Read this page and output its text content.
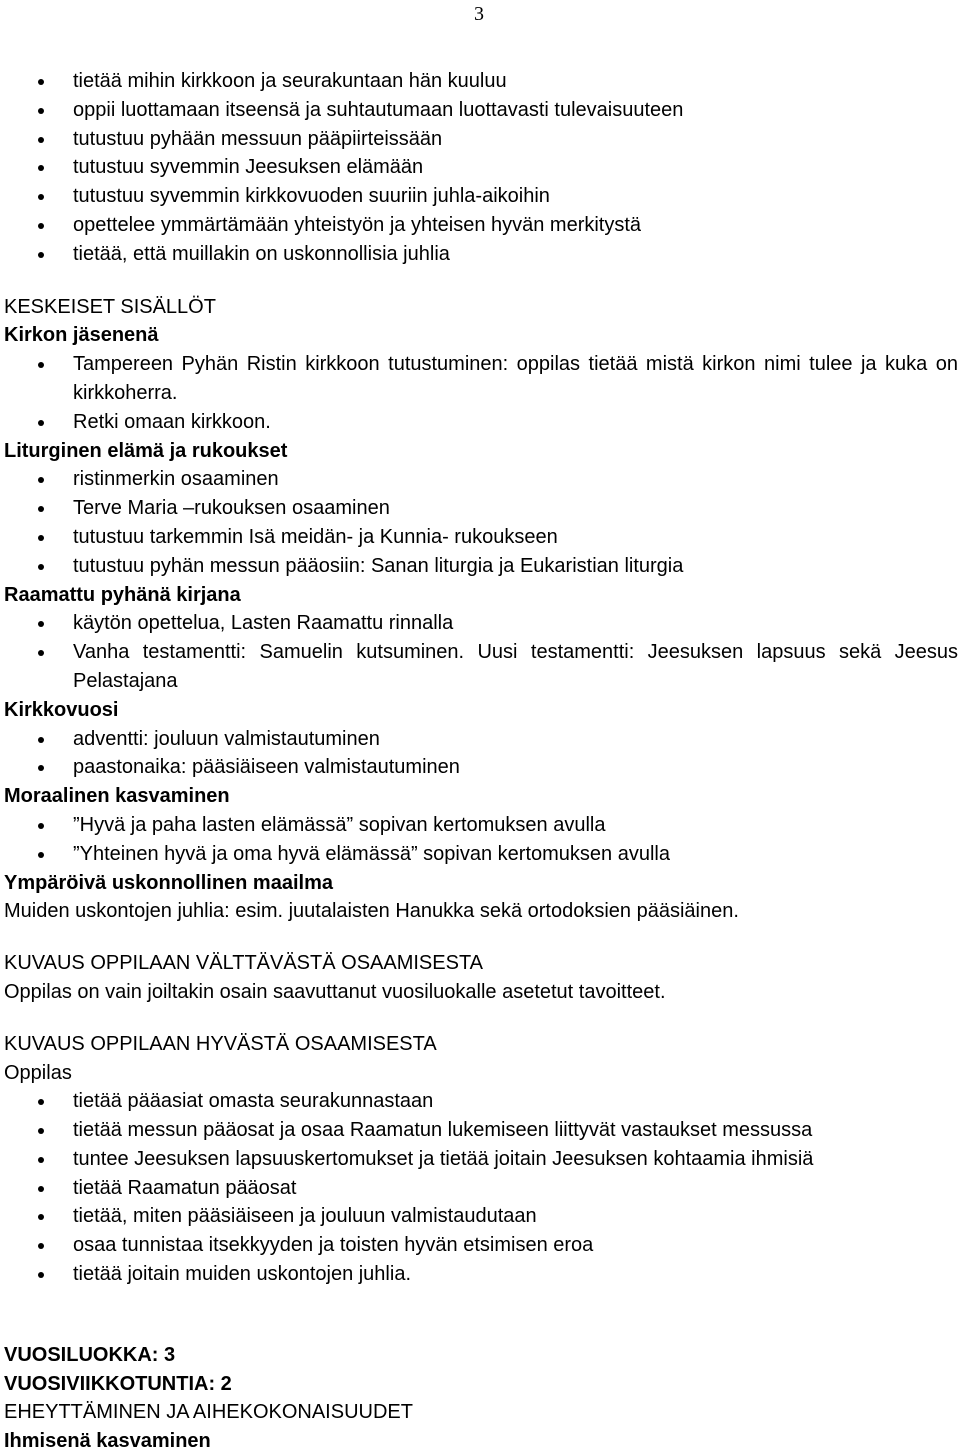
3
tietää mihin kirkkoon ja seurakuntaan hän kuuluu
oppii luottamaan itseensä ja suhtautumaan luottavasti tulevaisuuteen
tutustuu pyhään messuun pääpiirteissään
tutustuu syvemmin Jeesuksen elämään
tutustuu syvemmin kirkkovuoden suuriin juhla-aikoihin
opettelee ymmärtämään yhteistyön ja yhteisen hyvän merkitystä
tietää, että muillakin on uskonnollisia juhlia

KESKEISET SISÄLLÖT

Kirkon jäsenenä

Tampereen Pyhän Ristin kirkkoon tutustuminen: oppilas tietää mistä kirkon nimi tulee ja kuka on kirkkoherra.
Retki omaan kirkkoon.

Liturginen elämä ja rukoukset

ristinmerkin osaaminen
Terve Maria –rukouksen osaaminen
tutustuu tarkemmin Isä meidän- ja Kunnia- rukoukseen
tutustuu pyhän messun pääosiin: Sanan liturgia ja Eukaristian liturgia

Raamattu pyhänä kirjana

käytön opettelua, Lasten Raamattu rinnalla
Vanha testamentti: Samuelin kutsuminen. Uusi testamentti: Jeesuksen lapsuus sekä Jeesus Pelastajana

Kirkkovuosi

adventti: jouluun valmistautuminen
paastonaika: pääsiäiseen valmistautuminen

Moraalinen kasvaminen

”Hyvä ja paha lasten elämässä” sopivan kertomuksen avulla
”Yhteinen hyvä ja oma hyvä elämässä” sopivan kertomuksen avulla

Ympäröivä uskonnollinen maailma

Muiden uskontojen juhlia: esim. juutalaisten Hanukka sekä ortodoksien pääsiäinen.

KUVAUS OPPILAAN VÄLTTÄVÄSTÄ OSAAMISESTA

Oppilas on vain joiltakin osain saavuttanut vuosiluokalle asetetut tavoitteet.

KUVAUS OPPILAAN HYVÄSTÄ OSAAMISESTA

Oppilas

tietää pääasiat omasta seurakunnastaan
tietää messun pääosat ja osaa Raamatun lukemiseen liittyvät vastaukset messussa
tuntee Jeesuksen lapsuuskertomukset ja tietää joitain Jeesuksen kohtaamia ihmisiä
tietää Raamatun pääosat
tietää, miten pääsiäiseen ja jouluun valmistaudutaan
osaa tunnistaa itsekkyyden ja toisten hyvän etsimisen eroa
tietää joitain muiden uskontojen juhlia.

VUOSILUOKKA: 3

VUOSIVIIKKOTUNTIA: 2

EHEYTTÄMINEN JA AIHEKOKONAISUUDET

Ihmisenä kasvaminen
